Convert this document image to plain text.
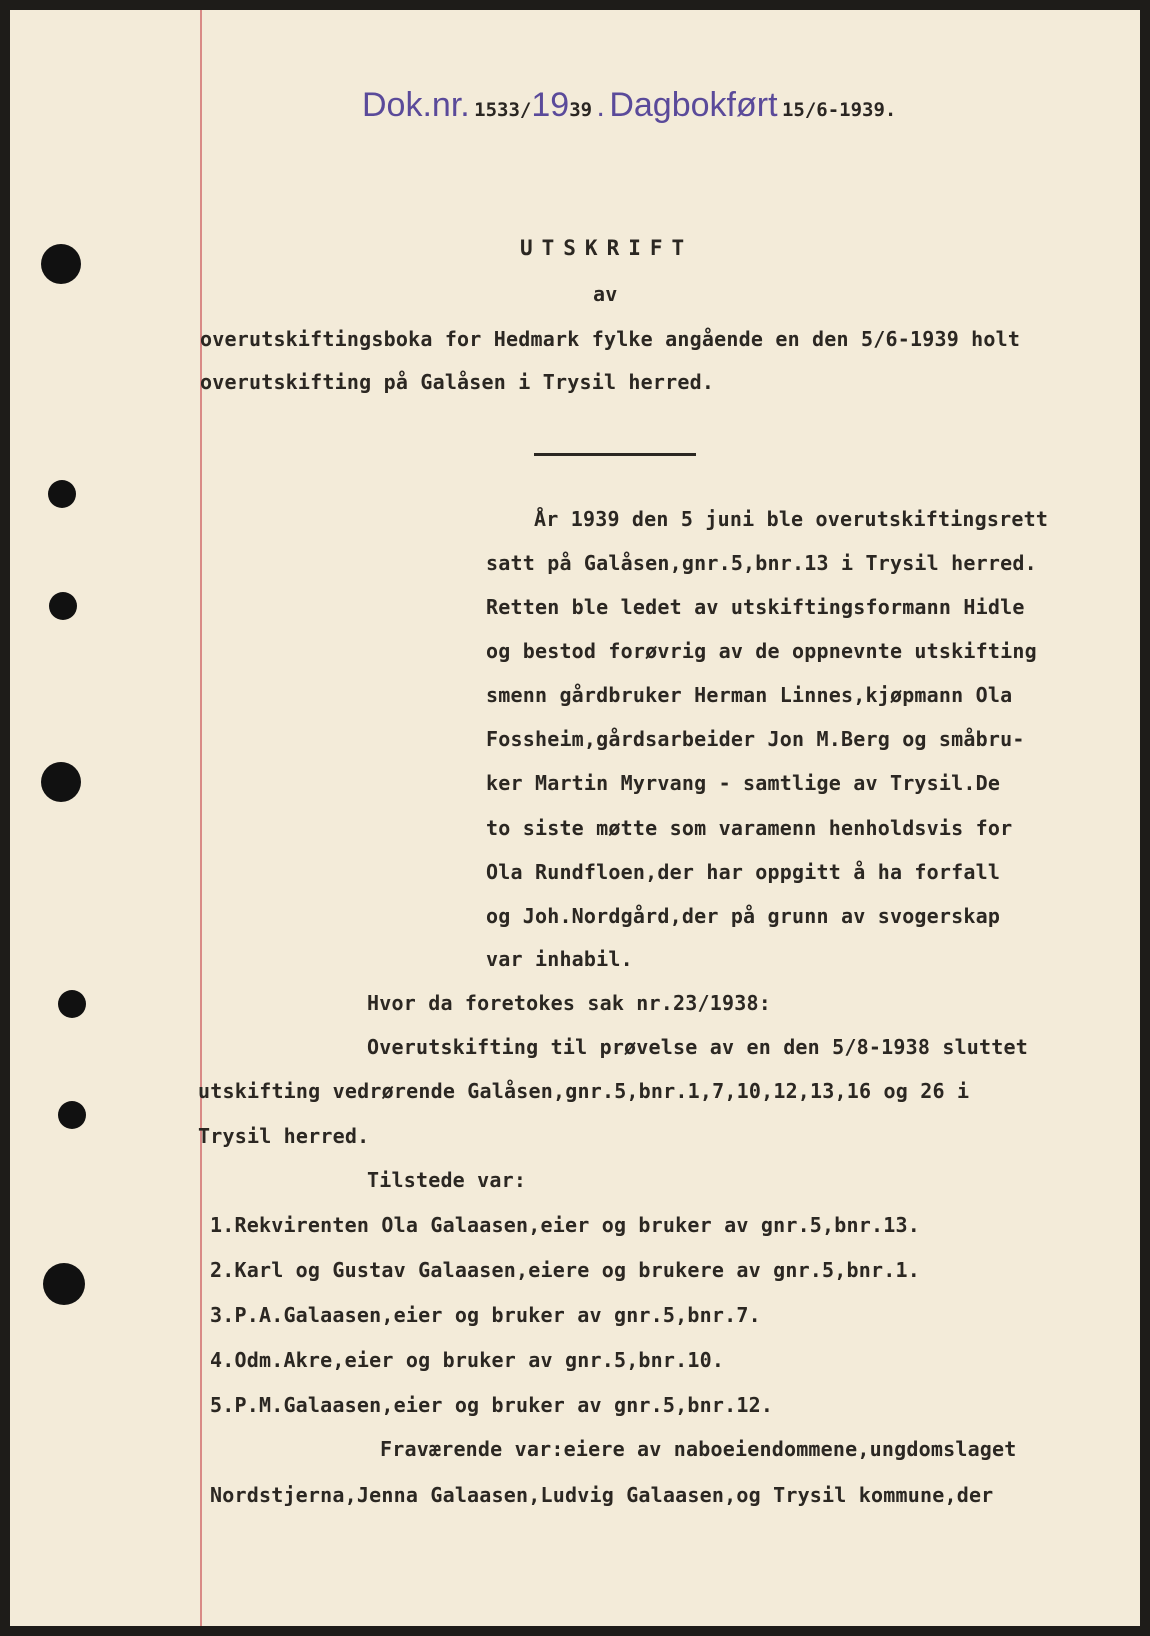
Dok.nr. 1533/1939 . Dagbokført 15/6-1939.
UTSKRIFT
av
overutskiftingsboka for Hedmark fylke angående en den 5/6-1939 holt
overutskifting på Galåsen i Trysil herred.
År 1939 den 5 juni ble overutskiftingsrett
satt på Galåsen,gnr.5,bnr.13 i Trysil herred.
Retten ble ledet av utskiftingsformann Hidle
og bestod forøvrig av de oppnevnte utskifting
smenn gårdbruker Herman Linnes,kjøpmann Ola
Fossheim,gårdsarbeider Jon M.Berg og småbru-
ker Martin Myrvang - samtlige av Trysil.De
to siste møtte som varamenn henholdsvis for
Ola Rundfloen,der har oppgitt å ha forfall
og Joh.Nordgård,der på grunn av svogerskap
var inhabil.
Hvor da foretokes sak nr.23/1938:
Overutskifting til prøvelse av en den 5/8-1938 sluttet
utskifting vedrørende Galåsen,gnr.5,bnr.1,7,10,12,13,16 og 26 i
Trysil herred.
Tilstede var:
1.Rekvirenten Ola Galaasen,eier og bruker av gnr.5,bnr.13.
2.Karl og Gustav Galaasen,eiere og brukere av gnr.5,bnr.1.
3.P.A.Galaasen,eier og bruker av gnr.5,bnr.7.
4.Odm.Akre,eier og bruker av gnr.5,bnr.10.
5.P.M.Galaasen,eier og bruker av gnr.5,bnr.12.
Fraværende var:eiere av naboeiendommene,ungdomslaget
Nordstjerna,Jenna Galaasen,Ludvig Galaasen,og Trysil kommune,der
